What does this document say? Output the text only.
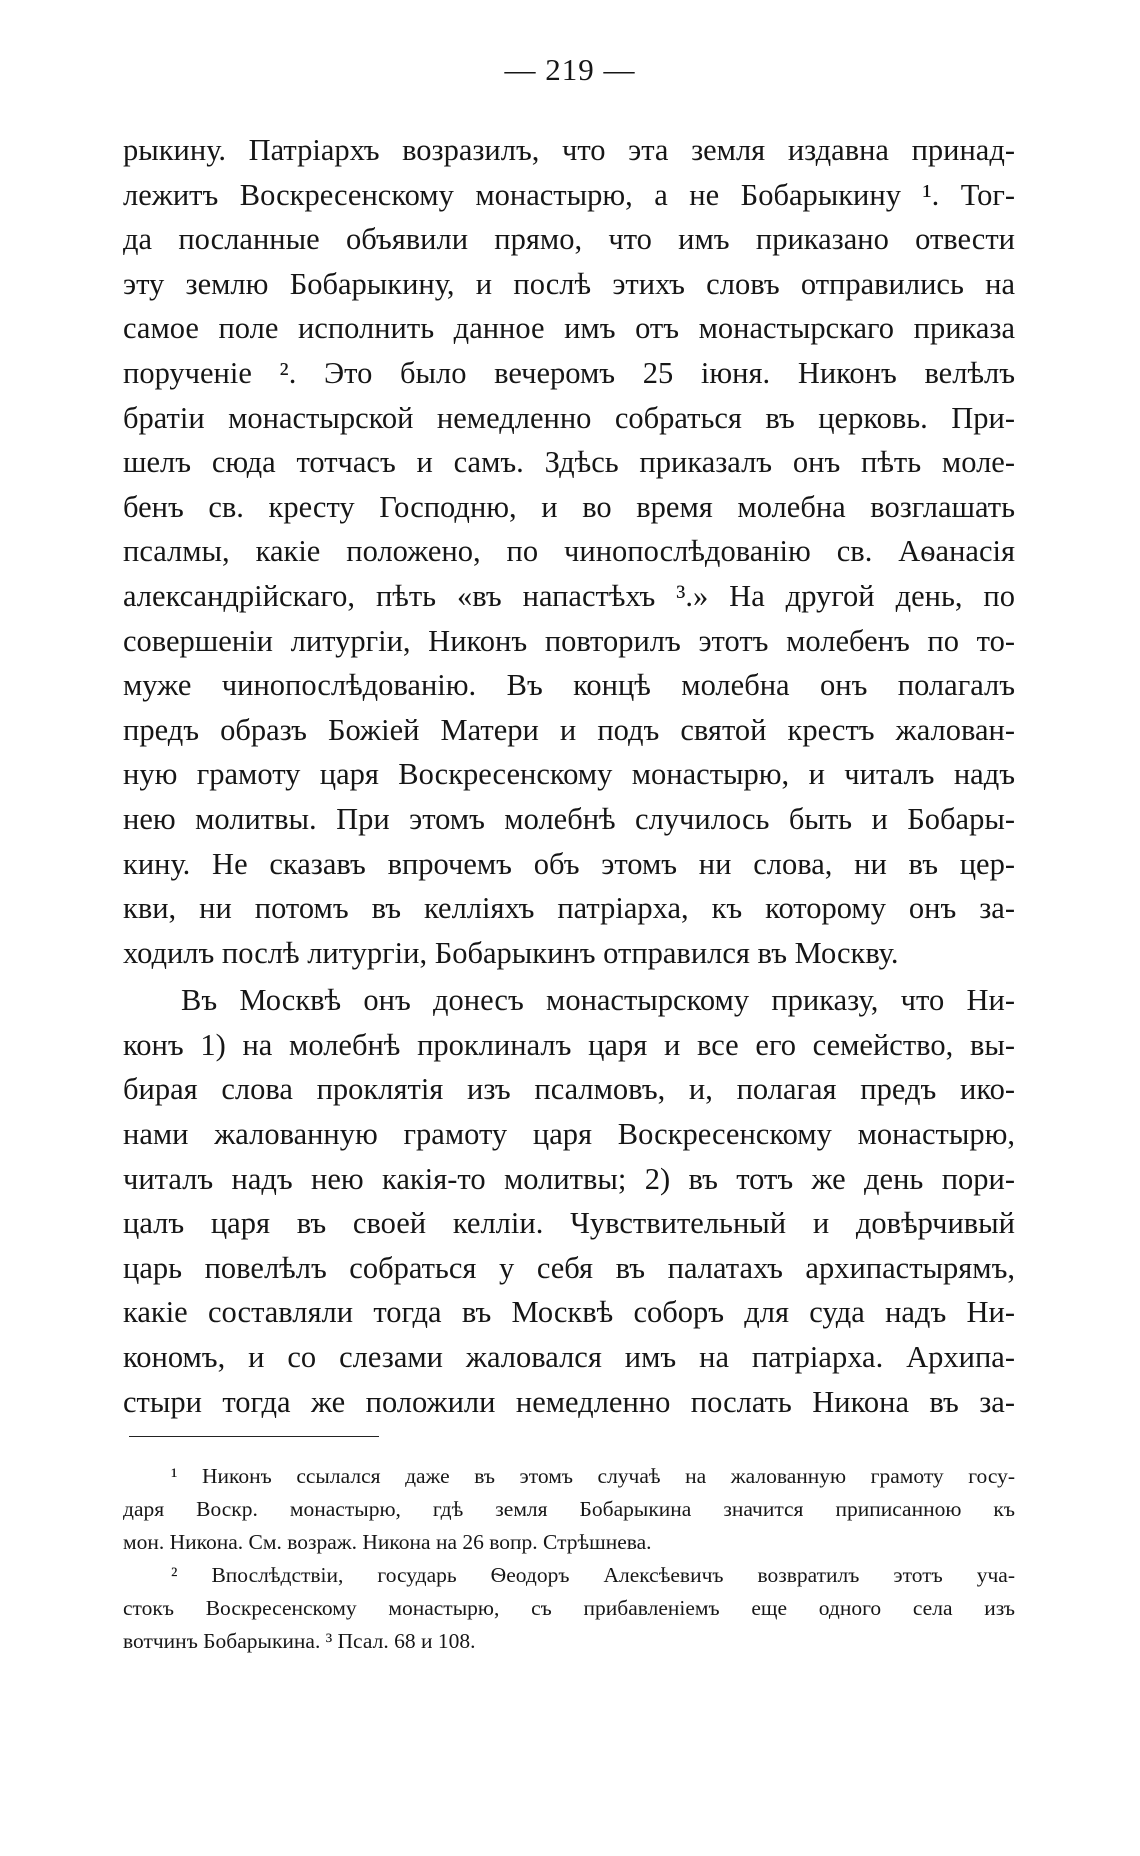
— 219 —
рыкину. Патріархъ возразилъ, что эта земля издавна принад-
лежитъ Воскресенскому монастырю, а не Бобарыкину ¹. Тог-
да посланные объявили прямо, что имъ приказано отвести
эту землю Бобарыкину, и послѣ этихъ словъ отправились на
самое поле исполнить данное имъ отъ монастырскаго приказа
порученіе ². Это было вечеромъ 25 іюня. Никонъ велѣлъ
братіи монастырской немедленно собраться въ церковь. При-
шелъ сюда тотчасъ и самъ. Здѣсь приказалъ онъ пѣть моле-
бенъ св. кресту Господню, и во время молебна возглашать
псалмы, какіе положено, по чинопослѣдованію св. Аѳанасія
александрійскаго, пѣть «въ напастѣхъ ³.» На другой день, по
совершеніи литургіи, Никонъ повторилъ этотъ молебенъ по то-
муже чинопослѣдованію. Въ концѣ молебна онъ полагалъ
предъ образъ Божіей Матери и подъ святой крестъ жалован-
ную грамоту царя Воскресенскому монастырю, и читалъ надъ
нею молитвы. При этомъ молебнѣ случилось быть и Бобары-
кину. Не сказавъ впрочемъ объ этомъ ни слова, ни въ цер-
кви, ни потомъ въ келліяхъ патріарха, къ которому онъ за-
ходилъ послѣ литургіи, Бобарыкинъ отправился въ Москву.
Въ Москвѣ онъ донесъ монастырскому приказу, что Ни-
конъ 1) на молебнѣ проклиналъ царя и все его семейство, вы-
бирая слова проклятія изъ псалмовъ, и, полагая предъ ико-
нами жалованную грамоту царя Воскресенскому монастырю,
читалъ надъ нею какія-то молитвы; 2) въ тотъ же день пори-
цалъ царя въ своей келліи. Чувствительный и довѣрчивый
царь повелѣлъ собраться у себя въ палатахъ архипастырямъ,
какіе составляли тогда въ Москвѣ соборъ для суда надъ Ни-
кономъ, и со слезами жаловался имъ на патріарха. Архипа-
стыри тогда же положили немедленно послать Никона въ за-
¹ Никонъ ссылался даже въ этомъ случаѣ на жалованную грамоту госу-
даря Воскр. монастырю, гдѣ земля Бобарыкина значится приписанною къ
мон. Никона. См. возраж. Никона на 26 вопр. Стрѣшнева.
² Впослѣдствіи, государь Ѳеодоръ Алексѣевичъ возвратилъ этотъ уча-
стокъ Воскресенскому монастырю, съ прибавленіемъ еще одного села изъ
вотчинъ Бобарыкина. ³ Псал. 68 и 108.
